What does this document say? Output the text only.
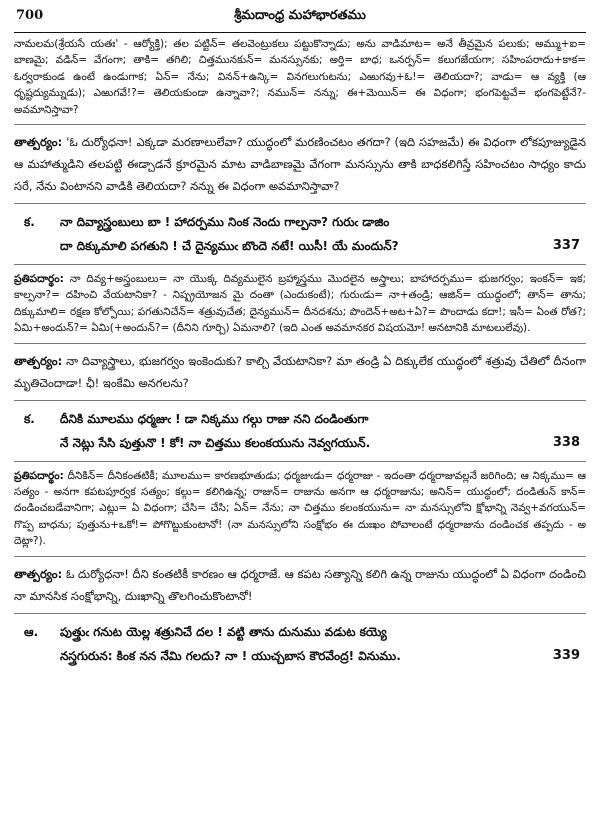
700	శ్రీమదాంధ్ర మహాభారతము

నామలమ(శ్రేయసే యతః' - ఆర్యోక్తి); తల పట్టిన్= తలవెంట్రుకలు పట్టుకొన్నాడు; అను వాడిమాట= అనే తీవ్రమైన పలుకు; అమ్ము+ఐ= బాణమై; వడిన్= వేగంగా; తాకి= తగిలి; చిత్తమునకున్= మనస్సునకు; అర్తి= బాధ; ఒనర్పన్= కలుగజేయగా; సహింపరాదు+కాక= ఓర్వరాకుండ ఉంటే ఉండుగాక; ఏన్= నేను; వినన్+ఉన్కి= వినగలుగుటను; ఎఱుగవు+ఓ!= తెలియదా?; వాడు= ఆ వ్యక్తి (ఆ ధృష్టద్యుమ్నుడు); ఎఱుగవే!?= తెలియకుండా ఉన్నావా?; నమున్= నన్ను; ఈ+మెయిన్= ఈ విధంగా; భంగపెట్టవే= భంగపెట్టేనే?- అవమానిస్తావా?

తాత్పర్యం: 'ఓ దుర్యోధనా! ఎక్కడా మరణాలులేవా? యుద్ధంలో మరణించటం తగదా? (ఇది సహజమే) ఈ విధంగా లోకపూజ్యుడైన ఆ మహాత్ముడిని తలపట్టి ఈడ్చాడనే క్రూరమైన మాట వాడిబాణమై వేగంగా మనస్సును తాకి బాధకలిగిస్తే సహించటం సాధ్యం కాదు సరే, నేను వింటానని వాడికి తెలియదా? నన్ను ఈ విధంగా అవమానిస్తావా?

క.	నా దివ్యాస్త్రంబులు బా ! హాదర్పము నింక నెందు గాల్పనా? గురుఁ డాజిం
దా దిక్కుమాలి పగతుని ! చే దైన్యముఁ బొందె నటే! యిసీ! యే మందున్?	337

ప్రతిపదార్థం: నా దివ్య+అస్త్రంబులు= నా యొక్క దివ్యములైన బ్రహ్మాస్త్రము మొదలైన అస్త్రాలు; బాహాదర్పము= భుజగర్వం; ఇంకన్= ఇక; కాల్పనా?= దహించి వేయటానికా? - నిష్ప్రయోజన మై దంతా (ఎందుకంటే); గురుఁడు= నా+తండ్రి; ఆజిన్= యుద్ధంలో; తాన్= తాను; దిక్కుమాలి= రక్షణ కోల్పోయి; పగతునిచేన్= శత్రువుచేత; దైన్యమున్= దీనదశను; పొందెన్+అట+ఏ?= పొందాడు కదా!; ఇసీ= ఏంత రోత?; ఏమి+అందున్?= ఏమి(+అందున్?= (దీనిని గూర్చి) ఏమనాలి? (ఇది ఎంత అవమానకర విషయమో! అనటానికి మాటలులేవు).

తాత్పర్యం: నా దివ్యాస్త్రాలు, భుజగర్వం ఇంకెందుకు? కాల్చి వేయటానికా? మా తండ్రి ఏ దిక్కులేక యుద్ధంలో శత్రువు చేతిలో దీనంగా మృతిచెందాడా! ఛీ! ఇంకేమి అనగలను?

క.	దీనికి మూలము ధర్మజుఁ ! డా నిక్కము గల్గు రాజు నని దండింతుగా
నే నెట్లు సేసి పుత్తునొ ! కో! నా చిత్తము కలంకయును నెవ్వగయున్.	338

ప్రతిపదార్థం: దీనికిన్= దీనికంతటికీ; మూలము= కారణభూతుడు; ధర్మజుఁడు= ధర్మరాజు - ఇదంతా ధర్మరాజువల్లనే జరిగింది; ఆ నిక్కము= ఆ సత్యం - అనగా కపటపూర్వక సత్యం; కల్గు= కలిగిఉన్న; రాజున్= రాజును అనగా ఆ ధర్మరాజును; అనిన్= యుద్ధంలో; దండితున్ కాన్= దండించబడేవానిగా; ఎట్లు= ఏ విధంగా; చేసి= చేసి; ఏన్= నేను; నా చిత్తము కలంకయును= నా మనస్సులోని క్షోభాన్ని నెవ్వ+వగయున్= గొప్ప బాధను; పుత్తును+ఒకో!= పోగొట్టుకుంటానో! (నా మనస్సులోని సంక్షోభం ఈ దుఃఖం పోవాలంటే ధర్మరాజును దండించక తప్పదు - అ దెట్లా?).

తాత్పర్యం: ఓ దుర్యోధనా! దీని కంతటికీ కారణం ఆ ధర్మరాజే. ఆ కపట సత్యాన్ని కలిగి ఉన్న రాజును యుద్ధంలో ఏ విధంగా దండించి నా మానసిక సంక్షోభాన్ని, దుఃఖాన్ని తొలగించుకొంటానో!

ఆ.	పుత్త్రుఁ గనుట యెల్ల శత్రునిచే దల ! వట్టి తాను దునుము వడుట కయ్యె
నస్త్రగురున: కింక నన నేమి గలదు? నా ! యుచ్చబాస కౌరవేంద్ర! వినుము.	339
